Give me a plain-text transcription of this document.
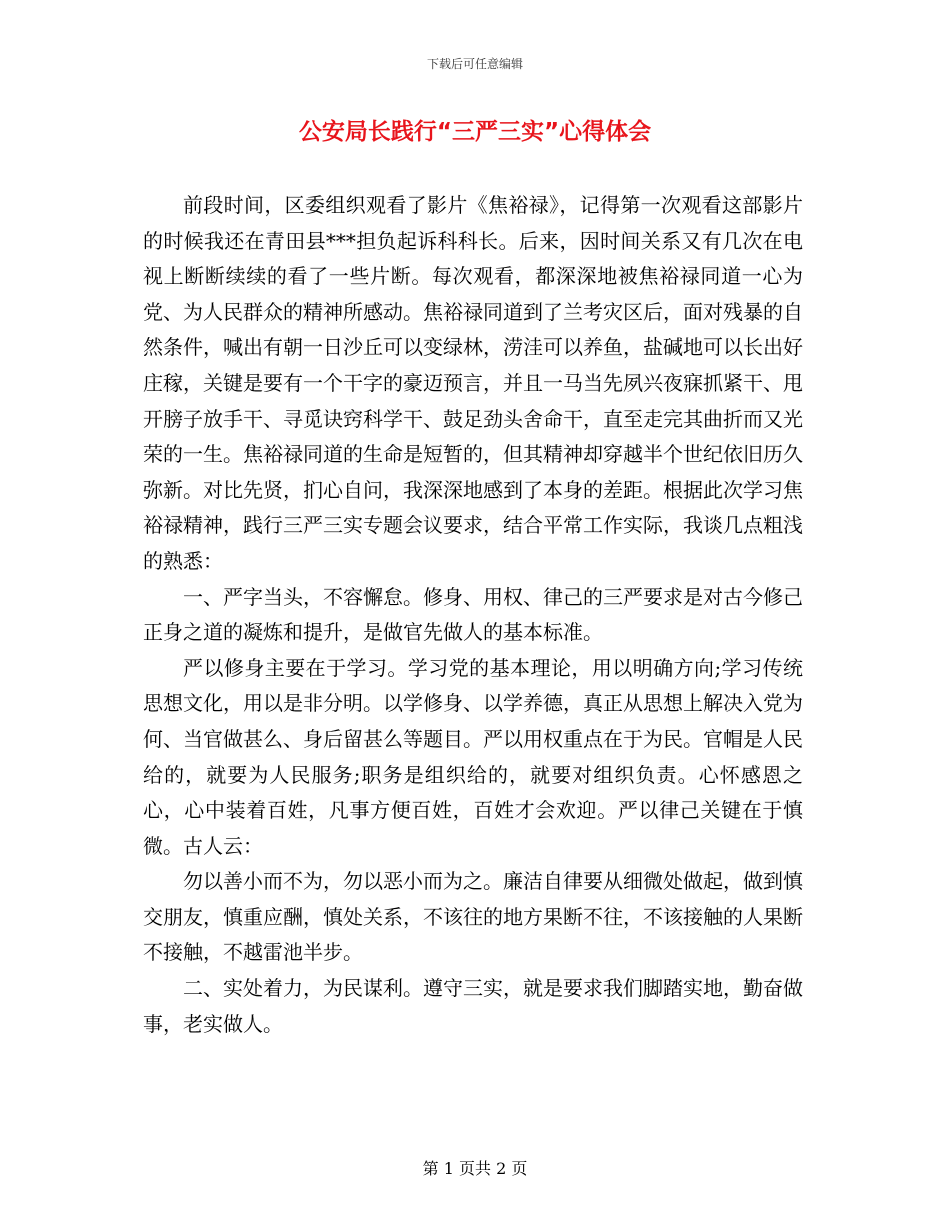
下载后可任意编辑
公安局长践行“三严三实”心得体会

前段时间，区委组织观看了影片《焦裕禄》，记得第一次观看这部影片的时候我还在青田县***担负起诉科科长。后来，因时间关系又有几次在电视上断断续续的看了一些片断。每次观看，都深深地被焦裕禄同道一心为党、为人民群众的精神所感动。焦裕禄同道到了兰考灾区后，面对残暴的自然条件，喊出有朝一日沙丘可以变绿林，涝洼可以养鱼，盐碱地可以长出好庄稼，关键是要有一个干字的豪迈预言，并且一马当先夙兴夜寐抓紧干、甩开膀子放手干、寻觅诀窍科学干、鼓足劲头舍命干，直至走完其曲折而又光荣的一生。焦裕禄同道的生命是短暂的，但其精神却穿越半个世纪依旧历久弥新。对比先贤，扪心自问，我深深地感到了本身的差距。根据此次学习焦裕禄精神，践行三严三实专题会议要求，结合平常工作实际，我谈几点粗浅的熟悉：

一、严字当头，不容懈怠。修身、用权、律己的三严要求是对古今修己正身之道的凝炼和提升，是做官先做人的基本标准。

严以修身主要在于学习。学习党的基本理论，用以明确方向;学习传统思想文化，用以是非分明。以学修身、以学养德，真正从思想上解决入党为何、当官做甚么、身后留甚么等题目。严以用权重点在于为民。官帽是人民给的，就要为人民服务;职务是组织给的，就要对组织负责。心怀感恩之心，心中装着百姓，凡事方便百姓，百姓才会欢迎。严以律己关键在于慎微。古人云：

勿以善小而不为，勿以恶小而为之。廉洁自律要从细微处做起，做到慎交朋友，慎重应酬，慎处关系，不该往的地方果断不往，不该接触的人果断不接触，不越雷池半步。

二、实处着力，为民谋利。遵守三实，就是要求我们脚踏实地，勤奋做事，老实做人。

第 1 页共 2 页
